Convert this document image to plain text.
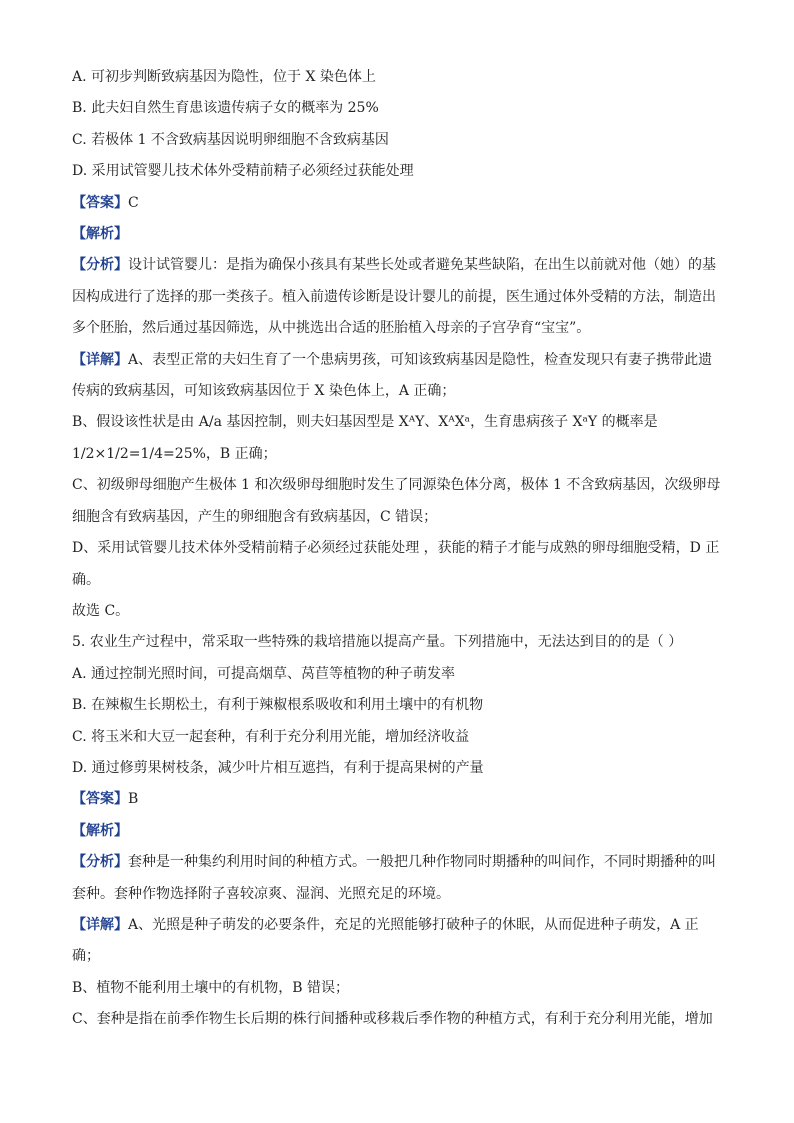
A. 可初步判断致病基因为隐性，位于 X 染色体上
B. 此夫妇自然生育患该遗传病子女的概率为 25%
C. 若极体 1 不含致病基因说明卵细胞不含致病基因
D. 采用试管婴儿技术体外受精前精子必须经过获能处理
【答案】C
【解析】
【分析】设计试管婴儿：是指为确保小孩具有某些长处或者避免某些缺陷，在出生以前就对他（她）的基
因构成进行了选择的那一类孩子。植入前遗传诊断是设计婴儿的前提，医生通过体外受精的方法，制造出
多个胚胎，然后通过基因筛选，从中挑选出合适的胚胎植入母亲的子宫孕育“宝宝”。
【详解】A、表型正常的夫妇生育了一个患病男孩，可知该致病基因是隐性，检查发现只有妻子携带此遗
传病的致病基因，可知该致病基因位于 X 染色体上，A 正确；
B、假设该性状是由 A/a 基因控制，则夫妇基因型是 XᴬY、XᴬXᵃ，生育患病孩子 XᵃY 的概率是
1/2×1/2=1/4=25%，B 正确；
C、初级卵母细胞产生极体 1 和次级卵母细胞时发生了同源染色体分离，极体 1 不含致病基因，次级卵母
细胞含有致病基因，产生的卵细胞含有致病基因，C 错误；
D、采用试管婴儿技术体外受精前精子必须经过获能处理 ，获能的精子才能与成熟的卵母细胞受精，D 正
确。
故选 C。
5. 农业生产过程中，常采取一些特殊的栽培措施以提高产量。下列措施中，无法达到目的的是（ ）
A. 通过控制光照时间，可提高烟草、莴苣等植物的种子萌发率
B. 在辣椒生长期松土，有利于辣椒根系吸收和利用土壤中的有机物
C. 将玉米和大豆一起套种，有利于充分利用光能，增加经济收益
D. 通过修剪果树枝条，减少叶片相互遮挡，有利于提高果树的产量
【答案】B
【解析】
【分析】套种是一种集约利用时间的种植方式。一般把几种作物同时期播种的叫间作，不同时期播种的叫
套种。套种作物选择附子喜较凉爽、湿润、光照充足的环境。
【详解】A、光照是种子萌发的必要条件，充足的光照能够打破种子的休眠，从而促进种子萌发，A 正
确；
B、植物不能利用土壤中的有机物，B 错误；
C、套种是指在前季作物生长后期的株行间播种或移栽后季作物的种植方式，有利于充分利用光能，增加
